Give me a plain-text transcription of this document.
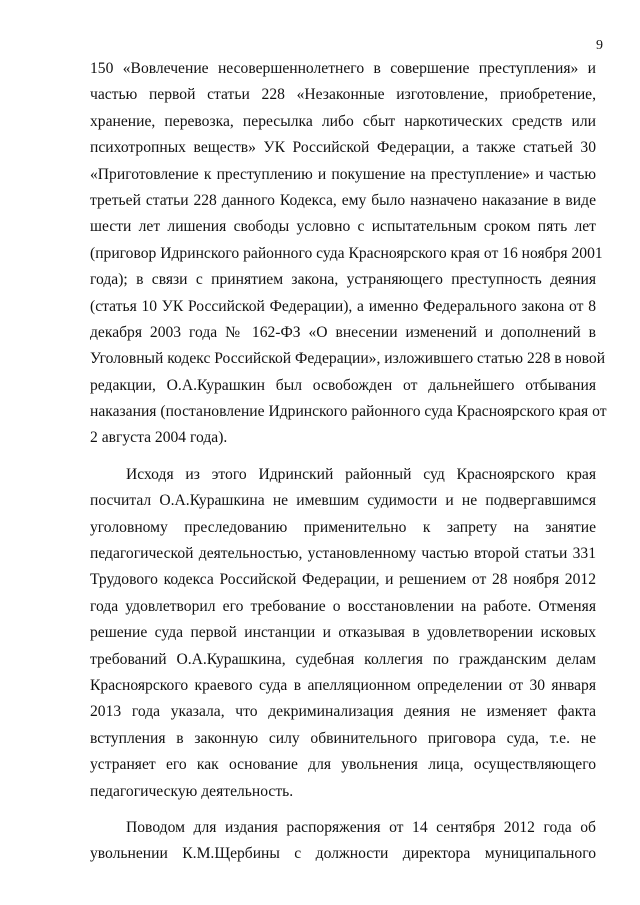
9
150 «Вовлечение несовершеннолетнего в совершение преступления» и
частью первой статьи 228 «Незаконные изготовление, приобретение,
хранение, перевозка, пересылка либо сбыт наркотических средств или
психотропных веществ» УК Российской Федерации, а также статьей 30
«Приготовление к преступлению и покушение на преступление» и частью
третьей статьи 228 данного Кодекса, ему было назначено наказание в виде
шести лет лишения свободы условно с испытательным сроком пять лет
(приговор Идринского районного суда Красноярского края от 16 ноября 2001
года); в связи с принятием закона, устраняющего преступность деяния
(статья 10 УК Российской Федерации), а именно Федерального закона от 8
декабря 2003 года № 162-ФЗ «О внесении изменений и дополнений в
Уголовный кодекс Российской Федерации», изложившего статью 228 в новой
редакции, О.А.Курашкин был освобожден от дальнейшего отбывания
наказания (постановление Идринского районного суда Красноярского края от
2 августа 2004 года).
Исходя из этого Идринский районный суд Красноярского края
посчитал О.А.Курашкина не имевшим судимости и не подвергавшимся
уголовному преследованию применительно к запрету на занятие
педагогической деятельностью, установленному частью второй статьи 331
Трудового кодекса Российской Федерации, и решением от 28 ноября 2012
года удовлетворил его требование о восстановлении на работе. Отменяя
решение суда первой инстанции и отказывая в удовлетворении исковых
требований О.А.Курашкина, судебная коллегия по гражданским делам
Красноярского краевого суда в апелляционном определении от 30 января
2013 года указала, что декриминализация деяния не изменяет факта
вступления в законную силу обвинительного приговора суда, т.е. не
устраняет его как основание для увольнения лица, осуществляющего
педагогическую деятельность.
Поводом для издания распоряжения от 14 сентября 2012 года об
увольнении К.М.Щербины с должности директора муниципального
